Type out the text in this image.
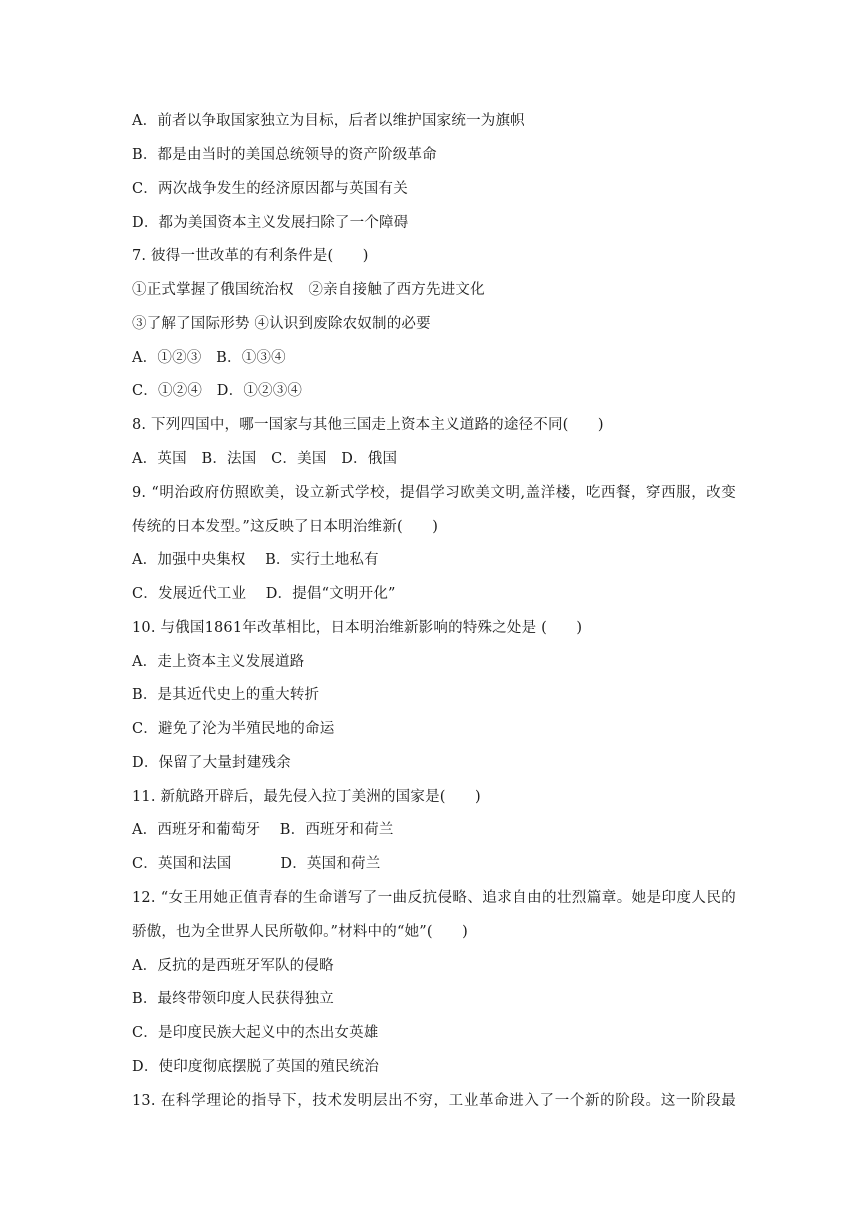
A．前者以争取国家独立为目标，后者以维护国家统一为旗帜
B．都是由当时的美国总统领导的资产阶级革命
C．两次战争发生的经济原因都与英国有关
D．都为美国资本主义发展扫除了一个障碍
7. 彼得一世改革的有利条件是(　　)
①正式掌握了俄国统治权　②亲自接触了西方先进文化
③了解了国际形势 ④认识到废除农奴制的必要
A．①②③　B．①③④
C．①②④　D．①②③④
8. 下列四国中，哪一国家与其他三国走上资本主义道路的途径不同(　　)
A．英国　B．法国　C．美国　D．俄国
9. “明治政府仿照欧美，设立新式学校，提倡学习欧美文明,盖洋楼，吃西餐，穿西服，改变
传统的日本发型。”这反映了日本明治维新(　　)
A．加强中央集权　 B．实行土地私有
C．发展近代工业　 D．提倡“文明开化”
10. 与俄国1861年改革相比，日本明治维新影响的特殊之处是 (　　)
A．走上资本主义发展道路
B．是其近代史上的重大转折
C．避免了沦为半殖民地的命运
D．保留了大量封建残余
11. 新航路开辟后，最先侵入拉丁美洲的国家是(　　)
A．西班牙和葡萄牙　 B．西班牙和荷兰
C．英国和法国　　　 D．英国和荷兰
12. “女王用她正值青春的生命谱写了一曲反抗侵略、追求自由的壮烈篇章。她是印度人民的
骄傲，也为全世界人民所敬仰。”材料中的“她”(　　)
A．反抗的是西班牙军队的侵略
B．最终带领印度人民获得独立
C．是印度民族大起义中的杰出女英雄
D．使印度彻底摆脱了英国的殖民统治
13. 在科学理论的指导下，技术发明层出不穷，工业革命进入了一个新的阶段。这一阶段最
